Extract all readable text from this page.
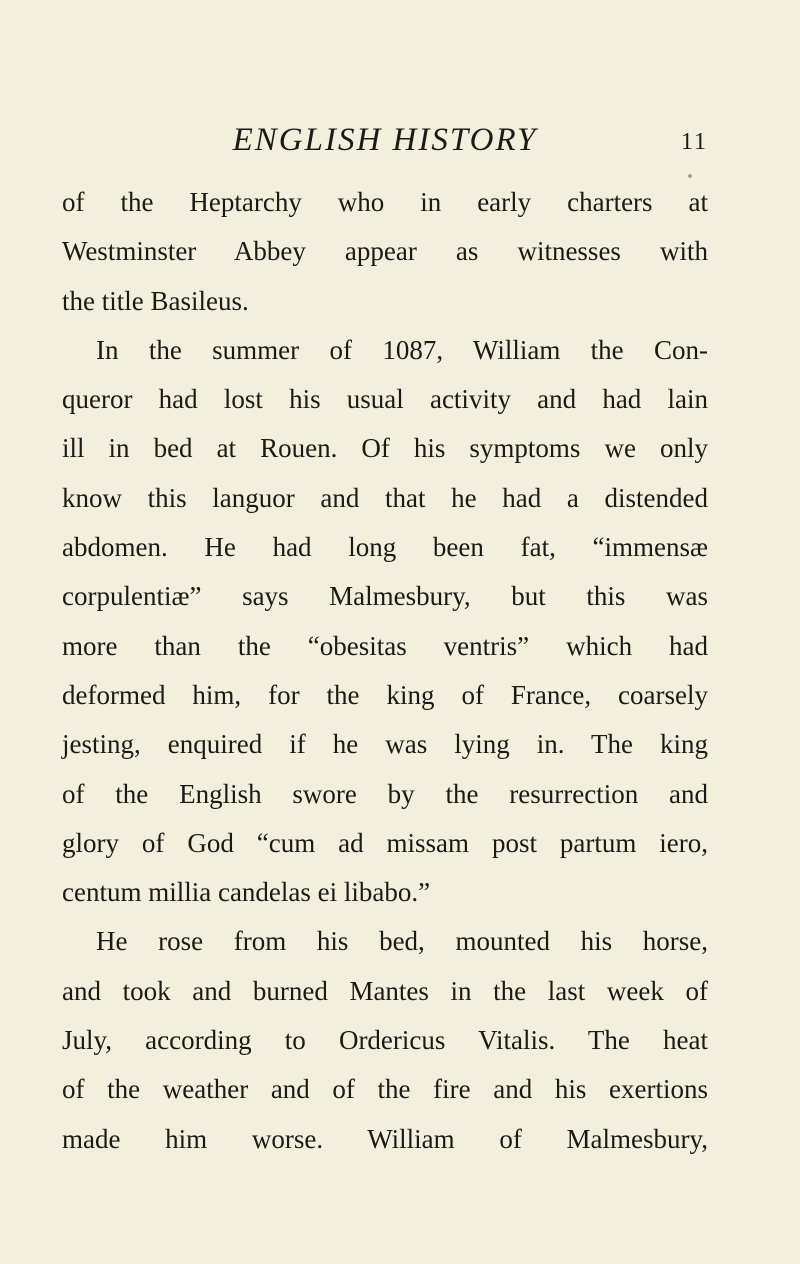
ENGLISH HISTORY	11
of the Heptarchy who in early charters at
Westminster Abbey appear as witnesses with
the title Basileus.
In the summer of 1087, William the Con-
queror had lost his usual activity and had lain
ill in bed at Rouen. Of his symptoms we only
know this languor and that he had a distended
abdomen. He had long been fat, “immensæ
corpulentiæ” says Malmesbury, but this was
more than the “obesitas ventris” which had
deformed him, for the king of France, coarsely
jesting, enquired if he was lying in. The king
of the English swore by the resurrection and
glory of God “cum ad missam post partum iero,
centum millia candelas ei libabo.”
He rose from his bed, mounted his horse,
and took and burned Mantes in the last week of
July, according to Ordericus Vitalis. The heat
of the weather and of the fire and his exertions
made him worse. William of Malmesbury,
